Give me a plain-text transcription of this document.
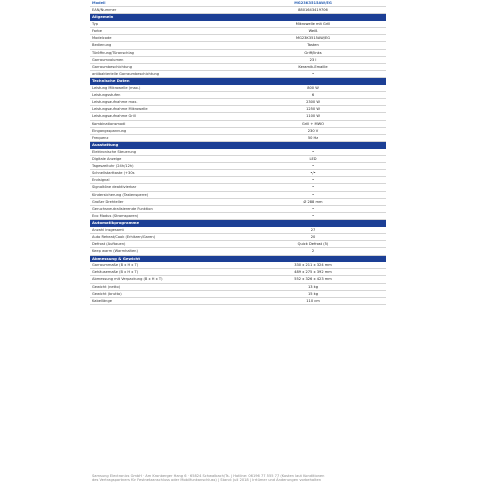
Modell	MG23K3515AW/EG
EAN/Nummer	8801643419706
Allgemein
Typ	Mikrowelle mit Grill
Farbe	Weiß
Modelcode	MG23K3515AW/EG
Bedienung	Tasten
Türöffnung/Türanschlag	Griff/links
Garraumvolumen	23 l
Garraumbeschichtung	Keramik-Emaille
antibakterielle Garraumbeschichtung	•
Technische Daten
Leistung Mikrowelle (max.)	800 W
Leistungsstufen	6
Leistungsaufnahme max.	2300 W
Leistungsaufnahme Mikrowelle	1250 W
Leistungsaufnahme Grill	1100 W
Kombinationsmodi	Grill + MWO
Eingangsspannung	230 V
Frequenz	50 Hz
Ausstattung
Elektronische Steuerung	•
Digitale Anzeige	LED
Tageszeituhr (24h/12h)	•
Schnellstarttaste (+30s	•/•
Endsignal	•
Signaltöne deaktivierbar	•
Kindersicherung (Tastensperre)	•
Großer Drehteller	Ø 288 mm
Geruchsneutralisierende Funktion	•
Eco Modus (Stromsparen)	•
Automatikprogramme
Anzahl insgesamt	27
Auto Reheat/Cook (Erhitzen/Garen)	20
Defrost (Auftauen)	Quick Defrost (5)
Keep warm (Warmhalten)	2
Abmessung & Gewicht
Garraummaße (B x H x T)	330 x 211 x 324 mm
Gehäusemaße (B x H x T)	489 x 275 x 392 mm
Abmessung mit Verpackung (B x H x T)	552 x 326 x 423 mm
Gewicht (netto)	13 kg
Gewicht (brutto)	15 kg
Kabellänge	110 cm
Samsung Electronics GmbH · Am Kronberger Hang 6 · 65824 Schwalbach/Ts. | Hotline: 06196 77 555 77 (Kosten laut Konditionen
des Vertragspartners für Festnetzanschluss oder Mobilfunkanschluss) | Stand: Juli 2018 | Irrtümer und Änderungen vorbehalten
